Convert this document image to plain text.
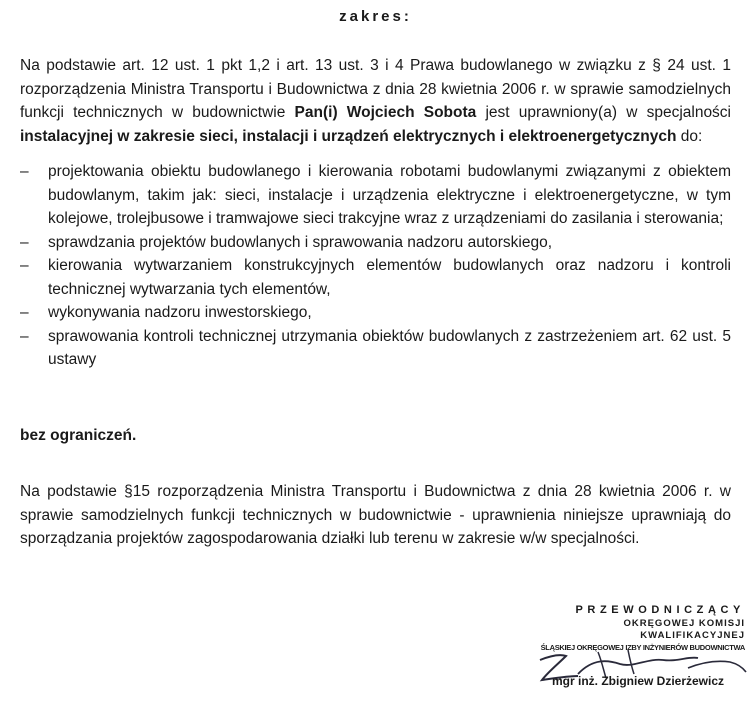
zakres:
Na podstawie art. 12 ust. 1 pkt 1,2 i art. 13 ust. 3 i 4 Prawa budowlanego w związku z § 24 ust. 1 rozporządzenia Ministra Transportu i Budownictwa z dnia 28 kwietnia 2006 r. w sprawie samodzielnych funkcji technicznych w budownictwie Pan(i) Wojciech Sobota jest uprawniony(a) w specjalności instalacyjnej w zakresie sieci, instalacji i urządzeń elektrycznych i elektroenergetycznych do:
–	projektowania obiektu budowlanego i kierowania robotami budowlanymi związanymi z obiektem budowlanym, takim jak: sieci, instalacje i urządzenia elektryczne i elektroenergetyczne, w tym kolejowe, trolejbusowe i tramwajowe sieci trakcyjne wraz z urządzeniami do zasilania i sterowania;
–	sprawdzania projektów budowlanych i sprawowania nadzoru autorskiego,
–	kierowania wytwarzaniem konstrukcyjnych elementów budowlanych oraz nadzoru i kontroli technicznej wytwarzania tych elementów,
–	wykonywania nadzoru inwestorskiego,
–	sprawowania kontroli technicznej utrzymania obiektów budowlanych z zastrzeżeniem art. 62 ust. 5 ustawy
bez ograniczeń.
Na podstawie §15 rozporządzenia Ministra Transportu i Budownictwa z dnia 28 kwietnia 2006 r. w sprawie samodzielnych funkcji technicznych w budownictwie - uprawnienia niniejsze uprawniają do sporządzania projektów zagospodarowania działki lub terenu w zakresie w/w specjalności.
PRZEWODNICZĄCY
OKRĘGOWEJ KOMISJI KWALIFIKACYJNEJ
ŚLĄSKIEJ OKRĘGOWEJ IZBY INŻYNIERÓW BUDOWNICTWA
mgr inż. Zbigniew Dzierżewicz
